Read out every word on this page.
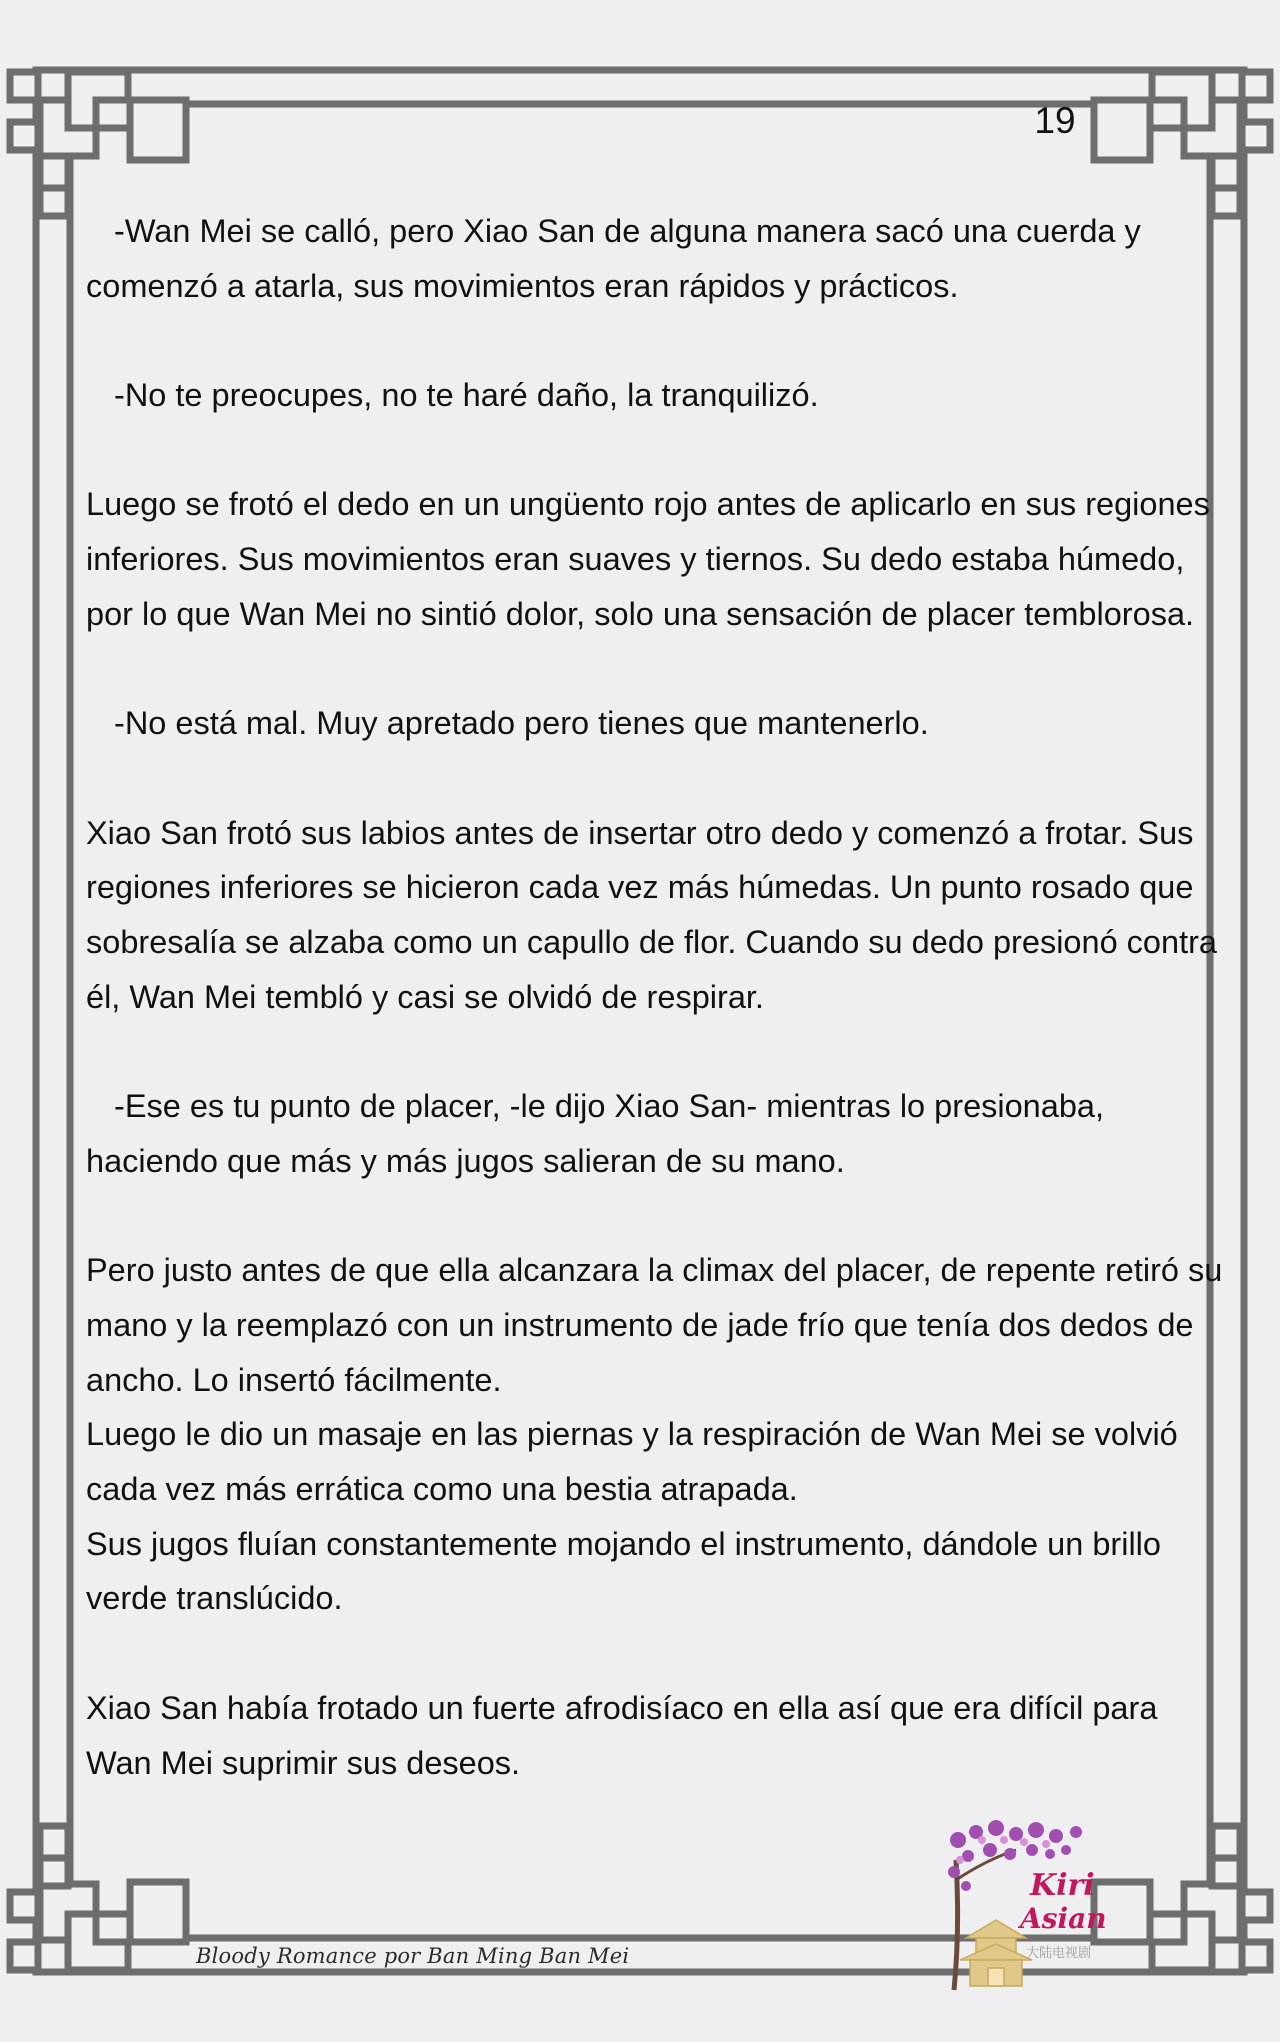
19

-Wan Mei se calló, pero Xiao San de alguna manera sacó una cuerda y comenzó a atarla, sus movimientos eran rápidos y prácticos.

-No te preocupes, no te haré daño, la tranquilizó.

Luego se frotó el dedo en un ungüento rojo antes de aplicarlo en sus regiones inferiores. Sus movimientos eran suaves y tiernos. Su dedo estaba húmedo, por lo que Wan Mei no sintió dolor, solo una sensación de placer temblorosa.

-No está mal. Muy apretado pero tienes que mantenerlo.

Xiao San frotó sus labios antes de insertar otro dedo y comenzó a frotar. Sus regiones inferiores se hicieron cada vez más húmedas. Un punto rosado que sobresalía se alzaba como un capullo de flor. Cuando su dedo presionó contra él, Wan Mei tembló y casi se olvidó de respirar.

-Ese es tu punto de placer, -le dijo Xiao San- mientras lo presionaba, haciendo que más y más jugos salieran de su mano.

Pero justo antes de que ella alcanzara la climax del placer, de repente retiró su mano y la reemplazó con un instrumento de jade frío que tenía dos dedos de ancho. Lo insertó fácilmente.

Luego le dio un masaje en las piernas y la respiración de Wan Mei se volvió cada vez más errática como una bestia atrapada.

Sus jugos fluían constantemente mojando el instrumento, dándole un brillo verde translúcido.

Xiao San había frotado un fuerte afrodisíaco en ella así que era difícil para Wan Mei suprimir sus deseos.

Bloody Romance por Ban Ming Ban Mei
Kiri
Asian
大陆电视剧
